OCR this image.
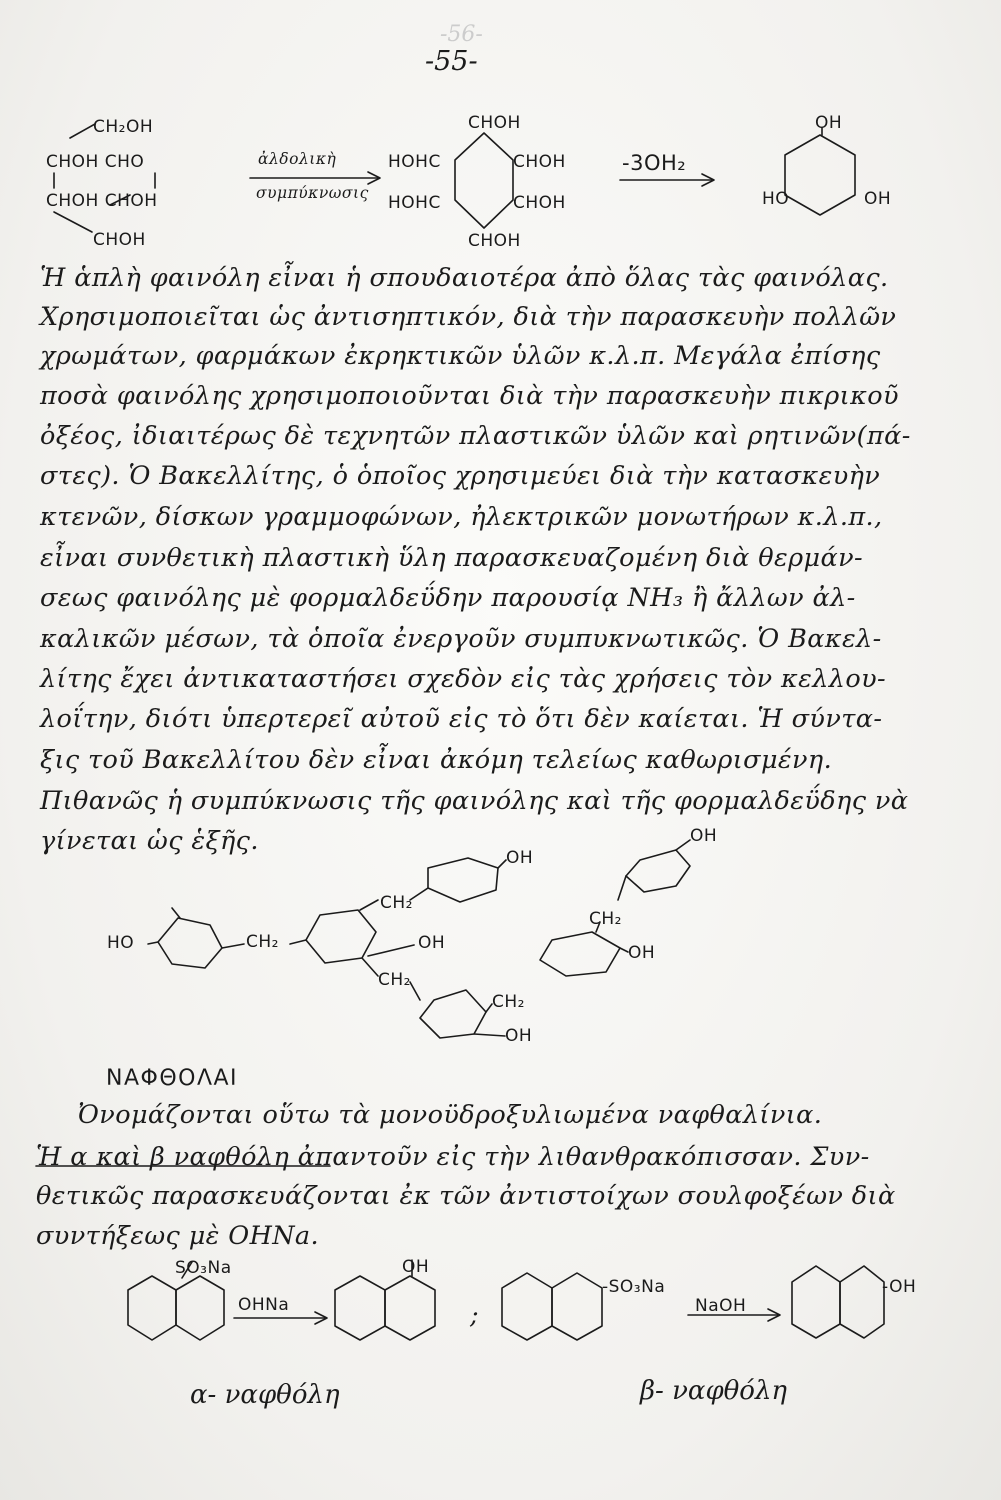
-56-
-55-
CH₂OH
CHOH CHO
CHOH CHOH
CHOH
ἀλδολικὴ
συμπύκνωσις
CHOH
HOHC
HOHC
CHOH
CHOH
CHOH
-3OH₂
OH
HO	OH
Ἡ ἁπλὴ φαινόλη εἶναι ἡ σπουδαιοτέρα ἀπὸ ὅλας τὰς φαινόλας.
Χρησιμοποιεῖται ὡς ἀντισηπτικόν, διὰ τὴν παρασκευὴν πολλῶν
χρωμάτων, φαρμάκων ἐκρηκτικῶν ὑλῶν κ.λ.π. Μεγάλα ἐπίσης
ποσὰ φαινόλης χρησιμοποιοῦνται διὰ τὴν παρασκευὴν πικρικοῦ
ὀξέος, ἰδιαιτέρως δὲ τεχνητῶν πλαστικῶν ὑλῶν καὶ ρητινῶν(πά-
στες). Ὁ Βακελλίτης, ὁ ὁποῖος χρησιμεύει διὰ τὴν κατασκευὴν
κτενῶν, δίσκων γραμμοφώνων, ἠλεκτρικῶν μονωτήρων κ.λ.π.,
εἶναι συνθετικὴ πλαστικὴ ὕλη παρασκευαζομένη διὰ θερμάν-
σεως φαινόλης μὲ φορμαλδεΰδην παρουσίᾳ NH₃ ἢ ἄλλων ἀλ-
καλικῶν μέσων, τὰ ὁποῖα ἐνεργοῦν συμπυκνωτικῶς. Ὁ Βακελ-
λίτης ἔχει ἀντικαταστήσει σχεδὸν εἰς τὰς χρήσεις τὸν κελλου-
λοΐτην, διότι ὑπερτερεῖ αὐτοῦ εἰς τὸ ὅτι δὲν καίεται. Ἡ σύντα-
ξις τοῦ Βακελλίτου δὲν εἶναι ἀκόμη τελείως καθωρισμένη.
Πιθανῶς ἡ συμπύκνωσις τῆς φαινόλης καὶ τῆς φορμαλδεΰδης νὰ
γίνεται ὡς ἑξῆς.	OH
OH
OH	OH
OH
HO	CH₂
CH₂
CH₂
CH₂
CH₂
ΝΑΦΘΟΛΑΙ
Ὀνομάζονται οὕτω τὰ μονοϋδροξυλιωμένα ναφθαλίνια.
Ἡ α καὶ β ναφθόλη ἀπαντοῦν εἰς τὴν λιθανθρακόπισσαν. Συν-
θετικῶς παρασκευάζονται ἐκ τῶν ἀντιστοίχων σουλφοξέων διὰ
συντήξεως μὲ ΟΗΝa.
SO₃Na
OHNa
OH
;
-SO₃Na
NaOH
-OH
α- ναφθόλη	β- ναφθόλη
